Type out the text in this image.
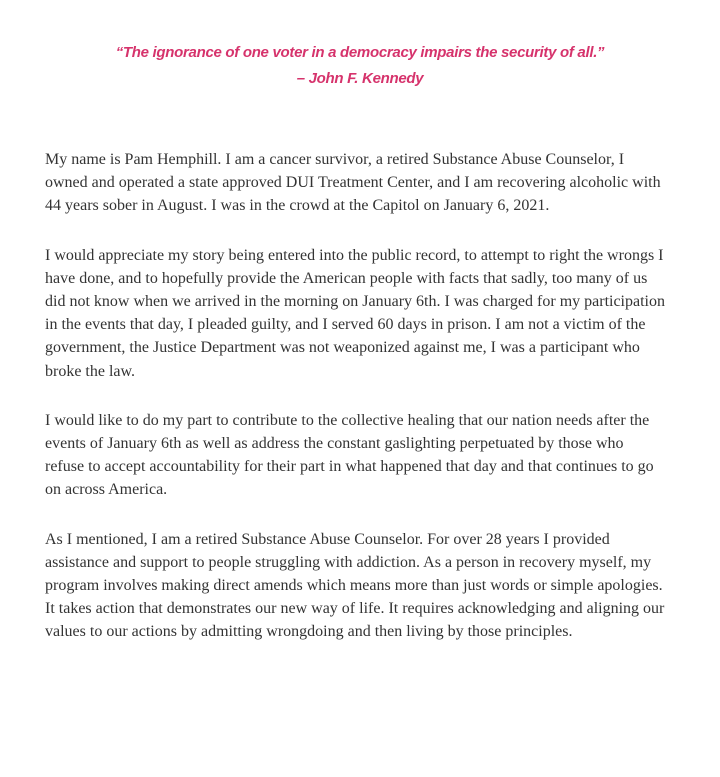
“The ignorance of one voter in a democracy impairs the security of all.”
– John F. Kennedy

My name is Pam Hemphill. I am a cancer survivor, a retired Substance Abuse Counselor, I owned and operated a state approved DUI Treatment Center, and I am recovering alcoholic with 44 years sober in August. I was in the crowd at the Capitol on January 6, 2021.

I would appreciate my story being entered into the public record, to attempt to right the wrongs I have done, and to hopefully provide the American people with facts that sadly, too many of us did not know when we arrived in the morning on January 6th. I was charged for my participation in the events that day, I pleaded guilty, and I served 60 days in prison. I am not a victim of the government, the Justice Department was not weaponized against me, I was a participant who broke the law.

I would like to do my part to contribute to the collective healing that our nation needs after the events of January 6th as well as address the constant gaslighting perpetuated by those who refuse to accept accountability for their part in what happened that day and that continues to go on across America.

As I mentioned, I am a retired Substance Abuse Counselor. For over 28 years I provided assistance and support to people struggling with addiction. As a person in recovery myself, my program involves making direct amends which means more than just words or simple apologies. It takes action that demonstrates our new way of life. It requires acknowledging and aligning our values to our actions by admitting wrongdoing and then living by those principles.
